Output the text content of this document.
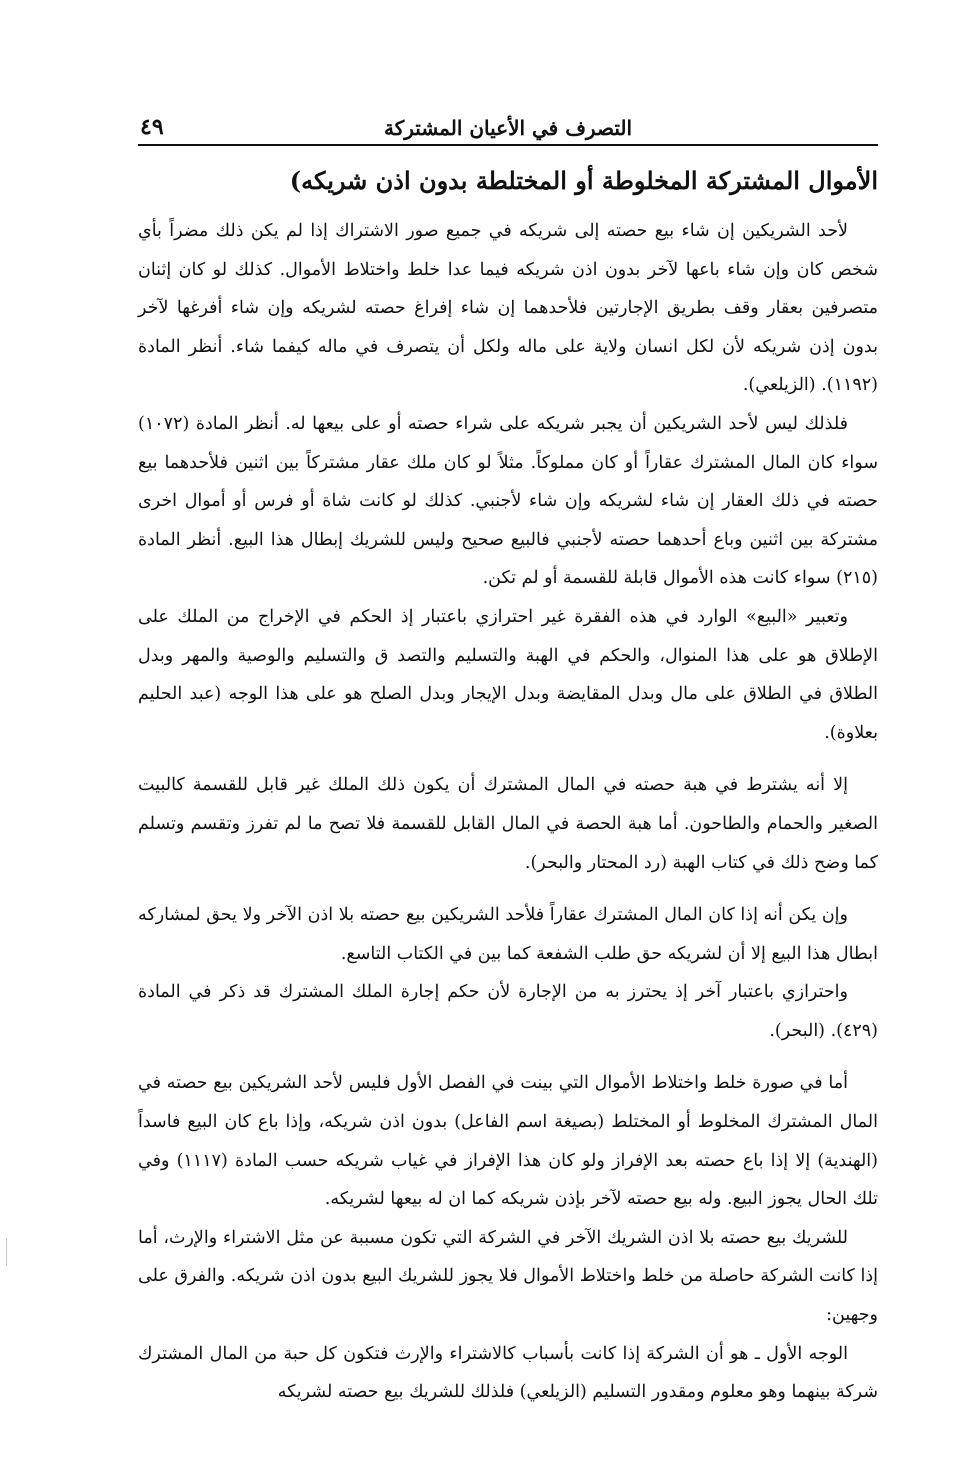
التصرف في الأعيان المشتركة
٤٩
الأموال المشتركة المخلوطة أو المختلطة بدون اذن شريكه)

لأحد الشريكين إن شاء بيع حصته إلى شريكه في جميع صور الاشتراك إذا لم يكن ذلك مضراً بأي شخص كان وإن شاء باعها لآخر بدون اذن شريكه فيما عدا خلط واختلاط الأموال. كذلك لو كان إثنان متصرفين بعقار وقف بطريق الإجارتين فلأحدهما إن شاء إفراغ حصته لشريكه وإن شاء أفرغها لآخر بدون إذن شريكه لأن لكل انسان ولاية على ماله ولكل أن يتصرف في ماله كيفما شاء. أنظر المادة (١١٩٢). (الزيلعي).

فلذلك ليس لأحد الشريكين أن يجبر شريكه على شراء حصته أو على بيعها له. أنظر المادة (١٠٧٢) سواء كان المال المشترك عقاراً أو كان مملوكاً. مثلاً لو كان ملك عقار مشتركاً بين اثنين فلأحدهما بيع حصته في ذلك العقار إن شاء لشريكه وإن شاء لأجنبي. كذلك لو كانت شاة أو فرس أو أموال اخرى مشتركة بين اثنين وباع أحدهما حصته لأجنبي فالبيع صحيح وليس للشريك إبطال هذا البيع. أنظر المادة (٢١٥) سواء كانت هذه الأموال قابلة للقسمة أو لم تكن.

وتعبير «البيع» الوارد في هذه الفقرة غير احترازي باعتبار إذ الحكم في الإخراج من الملك على الإطلاق هو على هذا المنوال، والحكم في الهبة والتسليم والتصد ق والتسليم والوصية والمهر وبدل الطلاق في الطلاق على مال وبدل المقايضة وبدل الإيجار وبدل الصلح هو على هذا الوجه (عبد الحليم بعلاوة).

إلا أنه يشترط في هبة حصته في المال المشترك أن يكون ذلك الملك غير قابل للقسمة كالبيت الصغير والحمام والطاحون. أما هبة الحصة في المال القابل للقسمة فلا تصح ما لم تفرز وتقسم وتسلم كما وضح ذلك في كتاب الهبة (رد المحتار والبحر).

وإن يكن أنه إذا كان المال المشترك عقاراً فلأحد الشريكين بيع حصته بلا اذن الآخر ولا يحق لمشاركه ابطال هذا البيع إلا أن لشريكه حق طلب الشفعة كما بين في الكتاب التاسع.

واحترازي باعتبار آخر إذ يحترز به من الإجارة لأن حكم إجارة الملك المشترك قد ذكر في المادة (٤٢٩). (البحر).

أما في صورة خلط واختلاط الأموال التي بينت في الفصل الأول فليس لأحد الشريكين بيع حصته في المال المشترك المخلوط أو المختلط (بصيغة اسم الفاعل) بدون اذن شريكه، وإذا باع كان البيع فاسداً (الهندية) إلا إذا باع حصته بعد الإفراز ولو كان هذا الإفراز في غياب شريكه حسب المادة (١١١٧) وفي تلك الحال يجوز البيع. وله بيع حصته لآخر بإذن شريكه كما ان له بيعها لشريكه.

للشريك بيع حصته بلا اذن الشريك الآخر في الشركة التي تكون مسببة عن مثل الاشتراء والإرث، أما إذا كانت الشركة حاصلة من خلط واختلاط الأموال فلا يجوز للشريك البيع بدون اذن شريكه. والفرق على وجهين:

الوجه الأول ـ هو أن الشركة إذا كانت بأسباب كالاشتراء والإرث فتكون كل حبة من المال المشترك شركة بينهما وهو معلوم ومقدور التسليم (الزيلعي) فلذلك للشريك بيع حصته لشريكه
